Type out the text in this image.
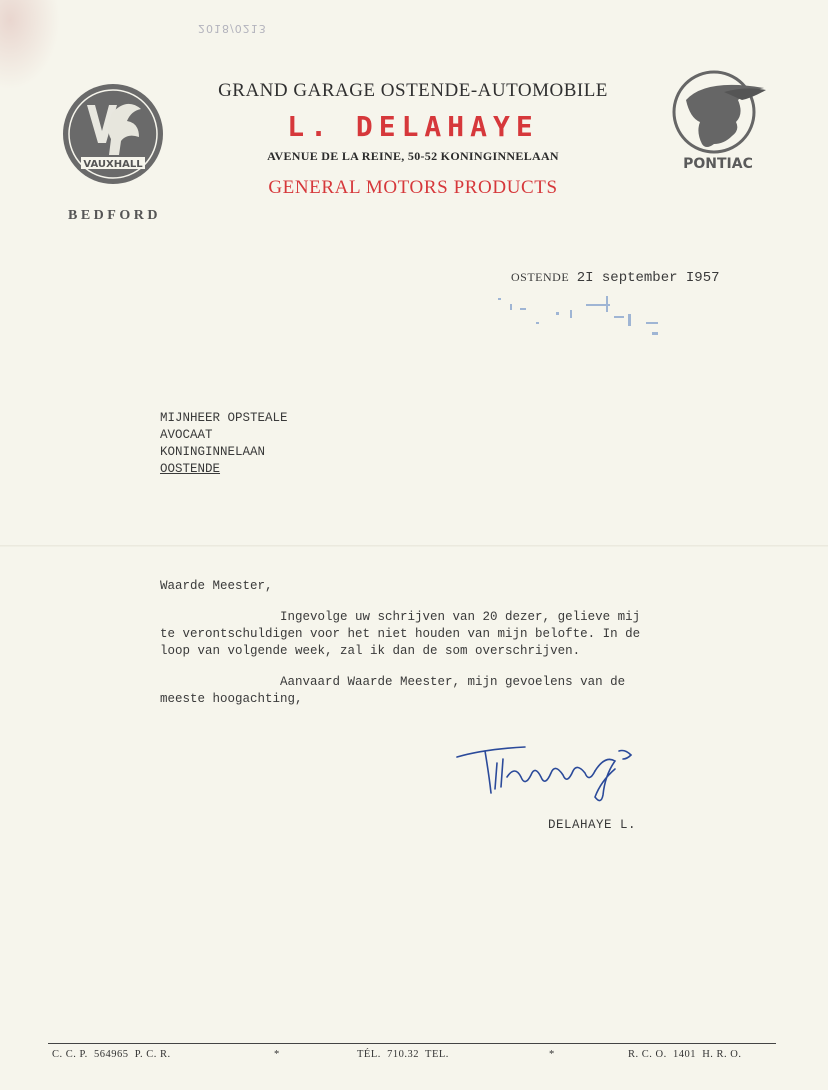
2018/0213
VAUXHALL
GRAND GARAGE OSTENDE-AUTOMOBILE
L. DELAHAYE
AVENUE DE LA REINE, 50-52 KONINGINNELAAN
GENERAL MOTORS PRODUCTS
BEDFORD
PONTIAC
OSTENDE 2I september I957
MIJNHEER OPSTEALE
AVOCAAT
KONINGINNELAAN
OOSTENDE

Waarde Meester,

Ingevolge uw schrijven van 20 dezer, gelieve mij

te verontschuldigen voor het niet houden van mijn belofte. In de

loop van volgende week, zal ik dan de som overschrijven.

Aanvaard Waarde Meester, mijn gevoelens van de

meeste hoogachting,

DELAHAYE L.
C. C. P.  564965  P. C. R.	*	TÉL.  710.32  TEL.	*	R. C. O.  1401  H. R. O.
